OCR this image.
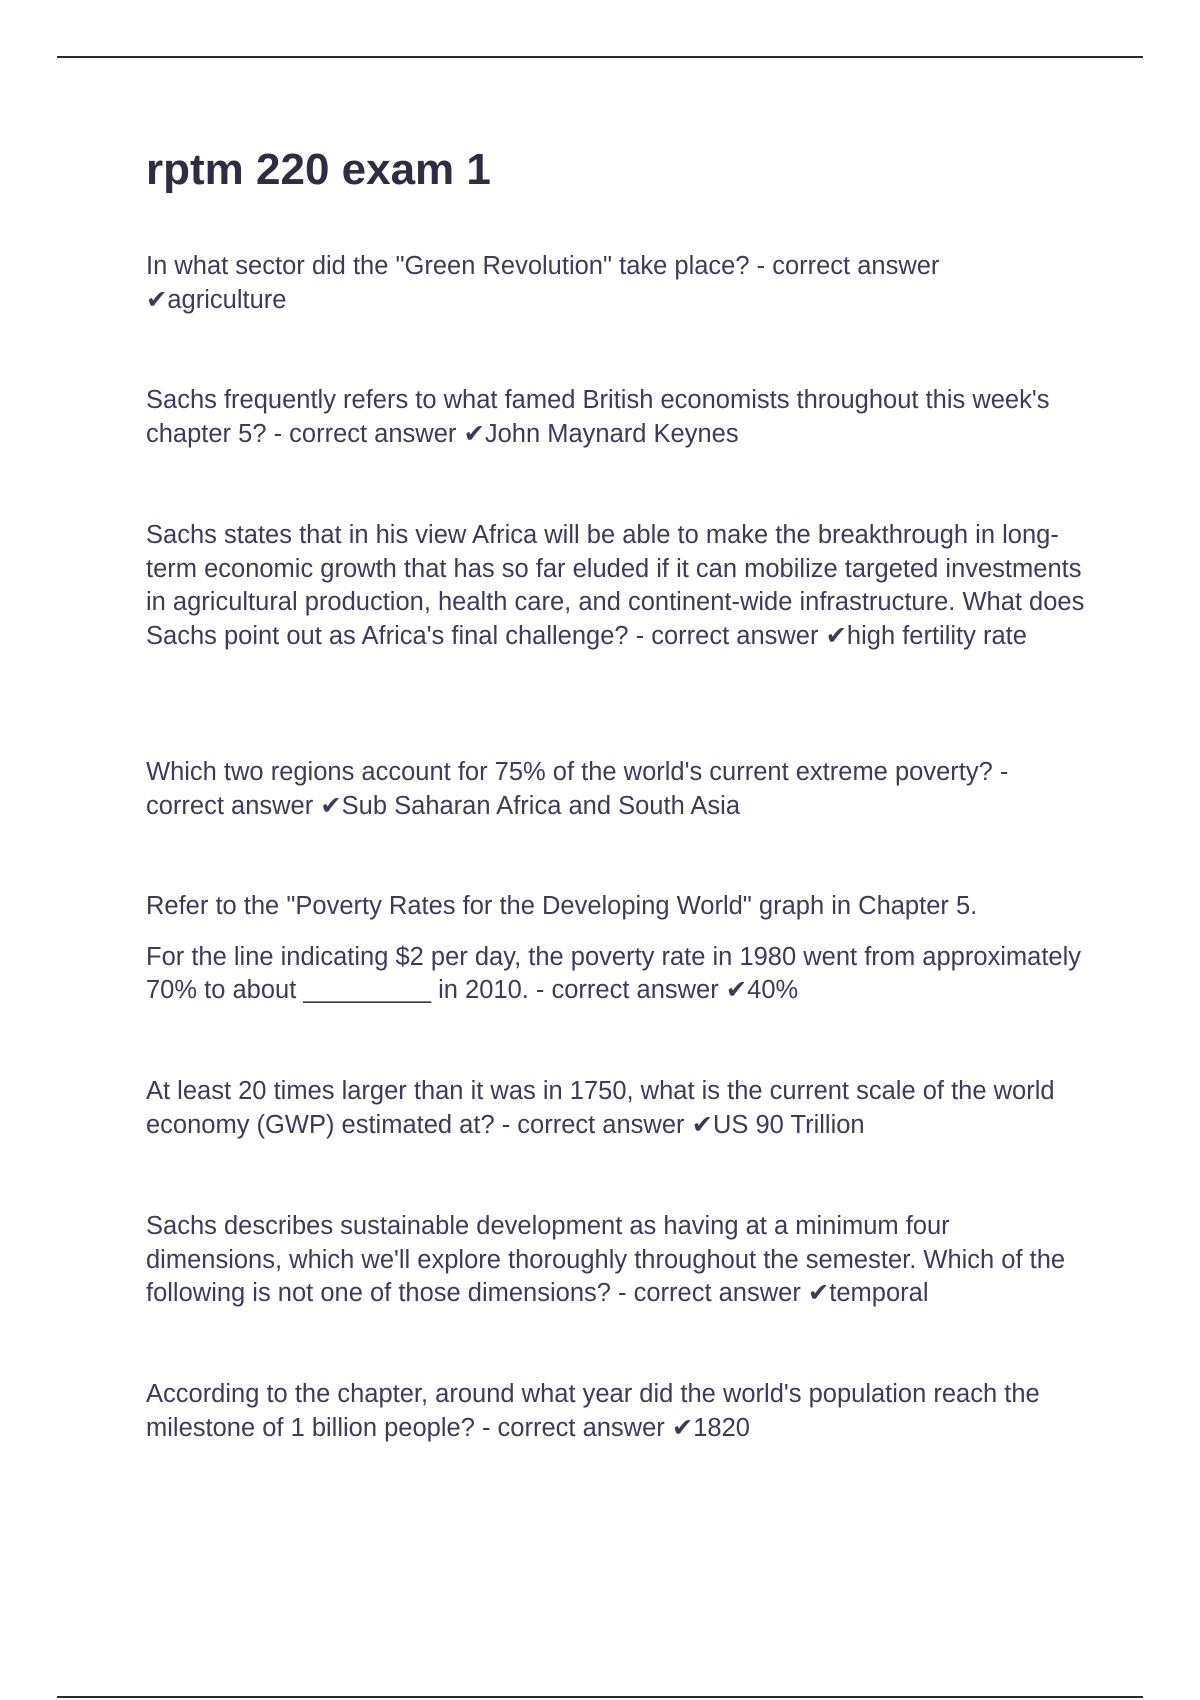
rptm 220 exam 1

In what sector did the "Green Revolution" take place? - correct answer ✔agriculture

Sachs frequently refers to what famed British economists throughout this week's chapter 5? - correct answer ✔John Maynard Keynes

Sachs states that in his view Africa will be able to make the breakthrough in long-term economic growth that has so far eluded if it can mobilize targeted investments in agricultural production, health care, and continent-wide infrastructure. What does Sachs point out as Africa's final challenge? - correct answer ✔high fertility rate

Which two regions account for 75% of the world's current extreme poverty? - correct answer ✔Sub Saharan Africa and South Asia

Refer to the "Poverty Rates for the Developing World" graph in Chapter 5.

For the line indicating $2 per day, the poverty rate in 1980 went from approximately 70% to about _________ in 2010. - correct answer ✔40%

At least 20 times larger than it was in 1750, what is the current scale of the world economy (GWP) estimated at? - correct answer ✔US 90 Trillion

Sachs describes sustainable development as having at a minimum four dimensions, which we'll explore thoroughly throughout the semester. Which of the following is not one of those dimensions? - correct answer ✔temporal

According to the chapter, around what year did the world's population reach the milestone of 1 billion people? - correct answer ✔1820
